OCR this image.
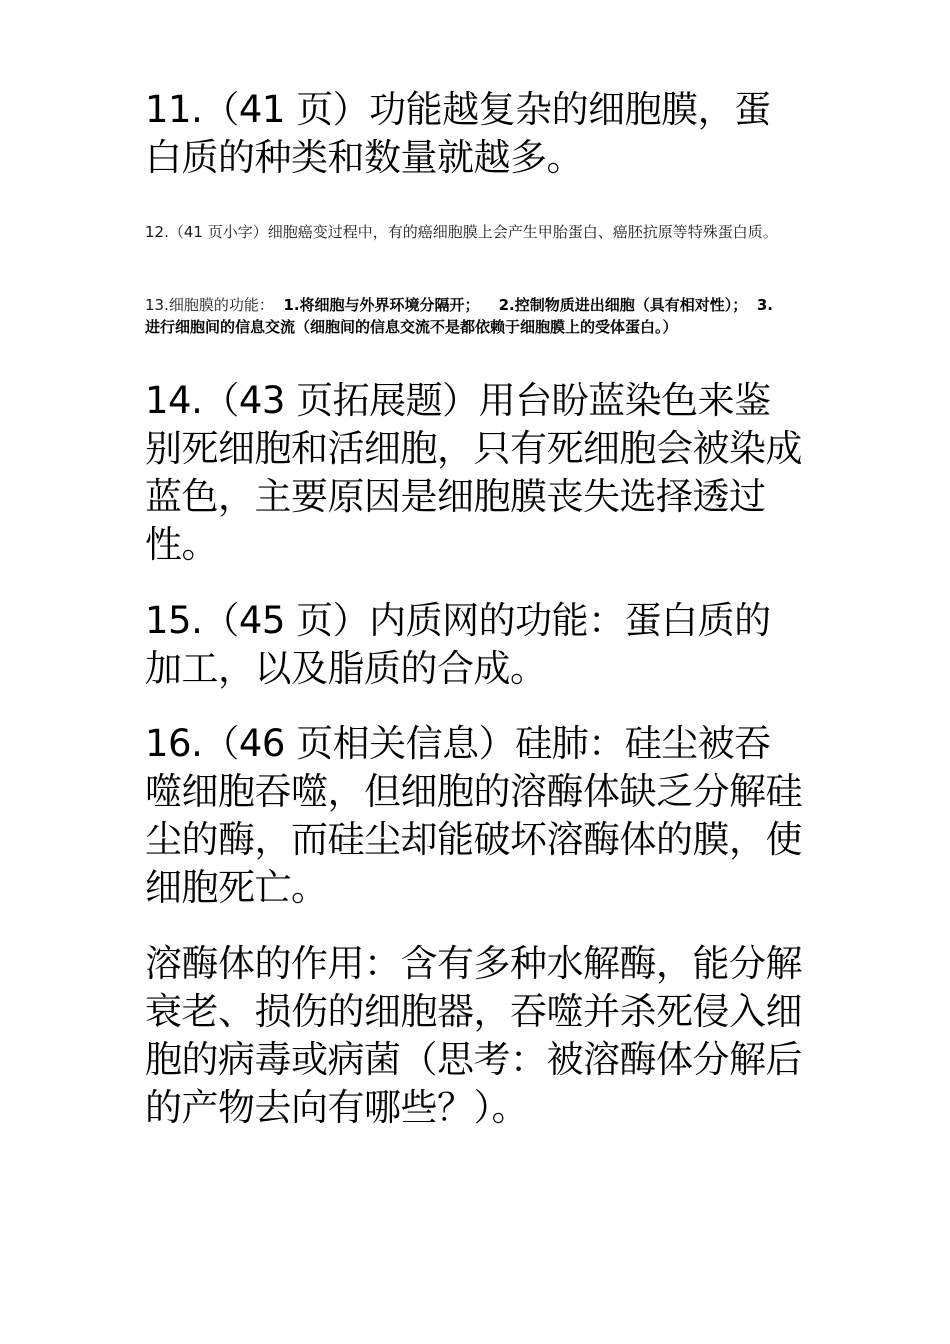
11.（41 页）功能越复杂的细胞膜，蛋白质的种类和数量就越多。

12.（41 页小字）细胞癌变过程中，有的癌细胞膜上会产生甲胎蛋白、癌胚抗原等特殊蛋白质。

13.细胞膜的功能： 1.将细胞与外界环境分隔开； 2.控制物质进出细胞（具有相对性）； 3.进行细胞间的信息交流（细胞间的信息交流不是都依赖于细胞膜上的受体蛋白。）

14.（43 页拓展题）用台盼蓝染色来鉴别死细胞和活细胞，只有死细胞会被染成蓝色，主要原因是细胞膜丧失选择透过性。

15.（45 页）内质网的功能：蛋白质的加工，以及脂质的合成。

16.（46 页相关信息）硅肺：硅尘被吞噬细胞吞噬，但细胞的溶酶体缺乏分解硅尘的酶，而硅尘却能破坏溶酶体的膜，使细胞死亡。

溶酶体的作用：含有多种水解酶，能分解衰老、损伤的细胞器，吞噬并杀死侵入细胞的病毒或病菌（思考：被溶酶体分解后的产物去向有哪些？）。
